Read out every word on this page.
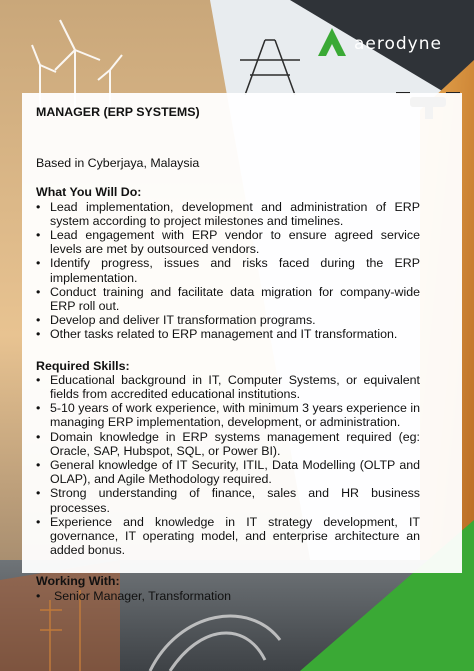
aerodyne
MANAGER (ERP SYSTEMS)
Based in Cyberjaya, Malaysia
What You Will Do:
• Lead implementation, development and administration of ERP system according to project milestones and timelines.
• Lead engagement with ERP vendor to ensure agreed service levels are met by outsourced vendors.
• Identify progress, issues and risks faced during the ERP implementation.
• Conduct training and facilitate data migration for company-wide ERP roll out.
• Develop and deliver IT transformation programs.
• Other tasks related to ERP management and IT transformation.
Required Skills:
• Educational background in IT, Computer Systems, or equivalent fields from accredited educational institutions.
• 5-10 years of work experience, with minimum 3 years experience in managing ERP implementation, development, or administration.
• Domain knowledge in ERP systems management required (eg: Oracle, SAP, Hubspot, SQL, or Power BI).
• General knowledge of IT Security, ITIL, Data Modelling (OLTP and OLAP), and Agile Methodology required.
• Strong understanding of finance, sales and HR business processes.
• Experience and knowledge in IT strategy development, IT governance, IT operating model, and enterprise architecture an added bonus.
Working With:
• Senior Manager, Transformation
